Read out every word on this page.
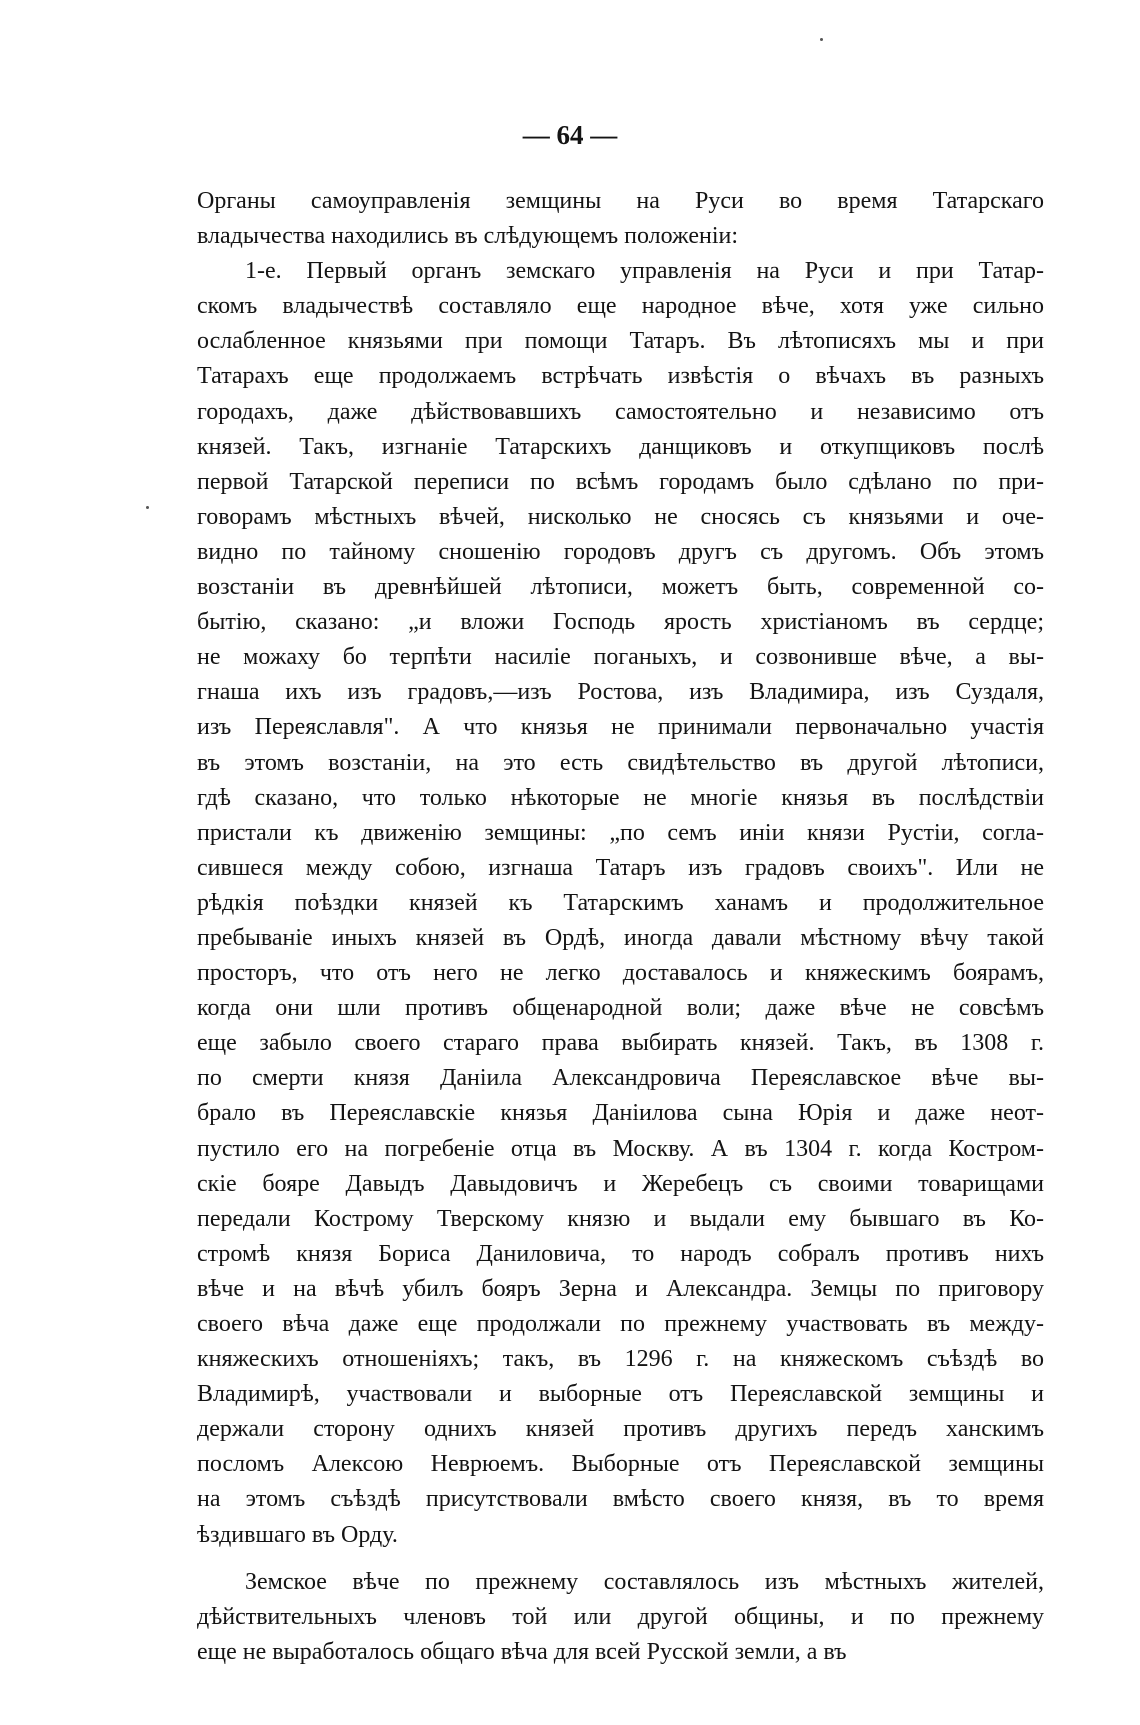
— 64 —
Органы самоуправленія земщины на Руси во время Татарскаго
владычества находились въ слѣдующемъ положеніи:
1-е. Первый органъ земскаго управленія на Руси и при Татар-
скомъ владычествѣ составляло еще народное вѣче, хотя уже сильно
ослабленное князьями при помощи Татаръ. Въ лѣтописяхъ мы и при
Татарахъ еще продолжаемъ встрѣчать извѣстія о вѣчахъ въ разныхъ
городахъ, даже дѣйствовавшихъ самостоятельно и независимо отъ
князей. Такъ, изгнаніе Татарскихъ данщиковъ и откупщиковъ послѣ
первой Татарской переписи по всѣмъ городамъ было сдѣлано по при-
говорамъ мѣстныхъ вѣчей, нисколько не сносясь съ князьями и оче-
видно по тайному сношенію городовъ другъ съ другомъ. Объ этомъ
возстаніи въ древнѣйшей лѣтописи, можетъ быть, современной со-
бытію, сказано: „и вложи Господь ярость христіаномъ въ сердце;
не можаху бо терпѣти насиліе поганыхъ, и созвонивше вѣче, а вы-
гнаша ихъ изъ градовъ,—изъ Ростова, изъ Владимира, изъ Суздаля,
изъ Переяславля". А что князья не принимали первоначально участія
въ этомъ возстаніи, на это есть свидѣтельство въ другой лѣтописи,
гдѣ сказано, что только нѣкоторые не многіе князья въ послѣдствіи
пристали къ движенію земщины: „по семъ иніи князи Рустіи, согла-
сившеся между собою, изгнаша Татаръ изъ градовъ своихъ". Или не
рѣдкія поѣздки князей къ Татарскимъ ханамъ и продолжительное
пребываніе иныхъ князей въ Ордѣ, иногда давали мѣстному вѣчу такой
просторъ, что отъ него не легко доставалось и княжескимъ боярамъ,
когда они шли противъ общенародной воли; даже вѣче не совсѣмъ
еще забыло своего стараго права выбирать князей. Такъ, въ 1308 г.
по смерти князя Даніила Александровича Переяславское вѣче вы-
брало въ Переяславскіе князья Даніилова сына Юрія и даже неот-
пустило его на погребеніе отца въ Москву. А въ 1304 г. когда Костром-
скіе бояре Давыдъ Давыдовичъ и Жеребецъ съ своими товарищами
передали Кострому Тверскому князю и выдали ему бывшаго въ Ко-
стромѣ князя Бориса Даниловича, то народъ собралъ противъ нихъ
вѣче и на вѣчѣ убилъ бояръ Зерна и Александра. Земцы по приговору
своего вѣча даже еще продолжали по прежнему участвовать въ между-
княжескихъ отношеніяхъ; такъ, въ 1296 г. на княжескомъ съѣздѣ во
Владимирѣ, участвовали и выборные отъ Переяславской земщины и
держали сторону однихъ князей противъ другихъ передъ ханскимъ
посломъ Алексою Неврюемъ. Выборные отъ Переяславской земщины
на этомъ съѣздѣ присутствовали вмѣсто своего князя, въ то время
ѣздившаго въ Орду.
Земское вѣче по прежнему составлялось изъ мѣстныхъ жителей,
дѣйствительныхъ членовъ той или другой общины, и по прежнему
еще не выработалось общаго вѣча для всей Русской земли, а въ
